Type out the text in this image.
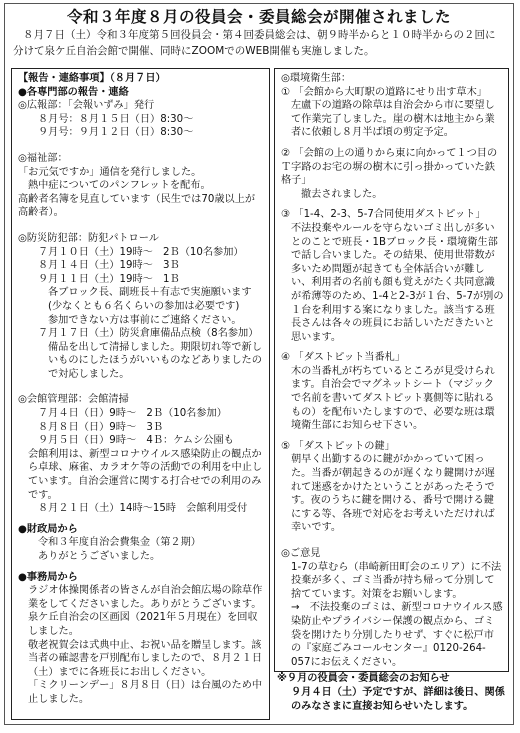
令和３年度８月の役員会・委員総会が開催されました
８月７日（土）令和３年度第５回役員会・第４回委員総会は、朝９時半からと１０時半からの２回に分けて泉ケ丘自治会館で開催、同時にZOOMでのWEB開催も実施しました。
【報告・連絡事項】（８月７日）
●各専門部の報告・連絡
◎広報部：「会報いずみ」発行
８月号：８月１５日（日）8:30～
９月号：９月１２日（日）8:30～
◎福祉部：
「お元気ですか」通信を発行しました。
熱中症についてのパンフレットを配布。
高齢者名簿を見直しています（民生では70歳以上が高齢者）。
◎防災防犯部：防犯パトロール
７月１０日（土）19時～　2Ｂ（10名参加）
８月１４日（土）19時～　3Ｂ
９月１１日（土）19時～　1Ｂ
各ブロック長、副班長＋有志で実施願います
(少なくとも６名くらいの参加は必要です)
参加できない方は事前にご連絡ください。
７月１７日（土）防災倉庫備品点検（8名参加）
備品を出して清掃しました。期限切れ等で新しいものにしたほうがいいものなどありましたので対応しました。
◎会館管理部：会館清掃
７月４日（日）9時～　2Ｂ（10名参加）
８月８日（日）9時～　3Ｂ
９月５日（日）9時～　4Ｂ：ケムシ公園も
会館利用は、新型コロナウイルス感染防止の観点から卓球、麻雀、カラオケ等の活動での利用を中止しています。自治会運営に関する打合せでの利用のみです。
８月２１日（土）14時～15時　会館利用受付
●財政局から
令和３年度自治会費集金（第２期）
ありがとうございました。
●事務局から
ラジオ体操関係者の皆さんが自治会館広場の除草作業をしてくださいました。ありがとうございます。
泉ケ丘自治会の区画図（2021年５月現在）を回収しました。
敬老祝賀会は式典中止、お祝い品を贈呈します。該当者の確認書を戸別配布しましたので、８月２１日（土）までに各班長にお出しください。
「ミクリーンデー」８月８日（日）は台風のため中止しました。
◎環境衛生部：
① 「会館から大町駅の道路にせり出す草木」
左盧下の道路の除草は自治会から市に要望して作業完了しました。崖の樹木は地主から業者に依頼し８月半ば頃の剪定予定。
② 「会館の上の通りから東に向かって１つ目のＴ字路のお宅の塀の樹木に引っ掛かっていた鉄格子」
撤去されました。
③ 「1-4、2-3、5-7合同使用ダストピット」
不法投棄やルールを守らないゴミ出しが多いとのことで班長・1Bブロック長・環境衛生部で話し合いました。その結果、使用世帯数が多いため問題が起きても全体話合いが難しい、利用者の名前も顔も覚えがたく共同意識が希薄等のため、1-4と2-3が１台、5-7が別の１台を利用する案になりました。該当する班長さんは各々の班員にお話しいただきたいと思います。
④ 「ダストピット当番札」
木の当番札が朽ちているところが見受けられます。自治会でマグネットシート（マジックで名前を書いてダストピット裏側等に貼れるもの）を配布いたしますので、必要な班は環境衛生部にお知らせ下さい。
⑤ 「ダストピットの鍵」
朝早く出勤するのに鍵がかかっていて困った。当番が朝起きるのが遅くなり鍵開けが遅れて迷惑をかけたということがあったそうです。夜のうちに鍵を開ける、番号で開ける鍵にする等、各班で対応をお考えいただければ幸いです。
◎ご意見
1-7の草むら（串崎新田町会のエリア）に不法投棄が多く、ゴミ当番が持ち帰って分別して捨てています。対策をお願いします。
→　不法投棄のゴミは、新型コロナウイルス感染防止やプライバシー保護の観点から、ゴミ袋を開けたり分別したりせず、すぐに松戸市の『家庭ごみコールセンター』0120-264-057にお伝えください。
※９月の役員会・委員総会のお知らせ
９月４日（土）予定ですが、詳細は後日、関係のみなさまに直接お知らせいたします。
